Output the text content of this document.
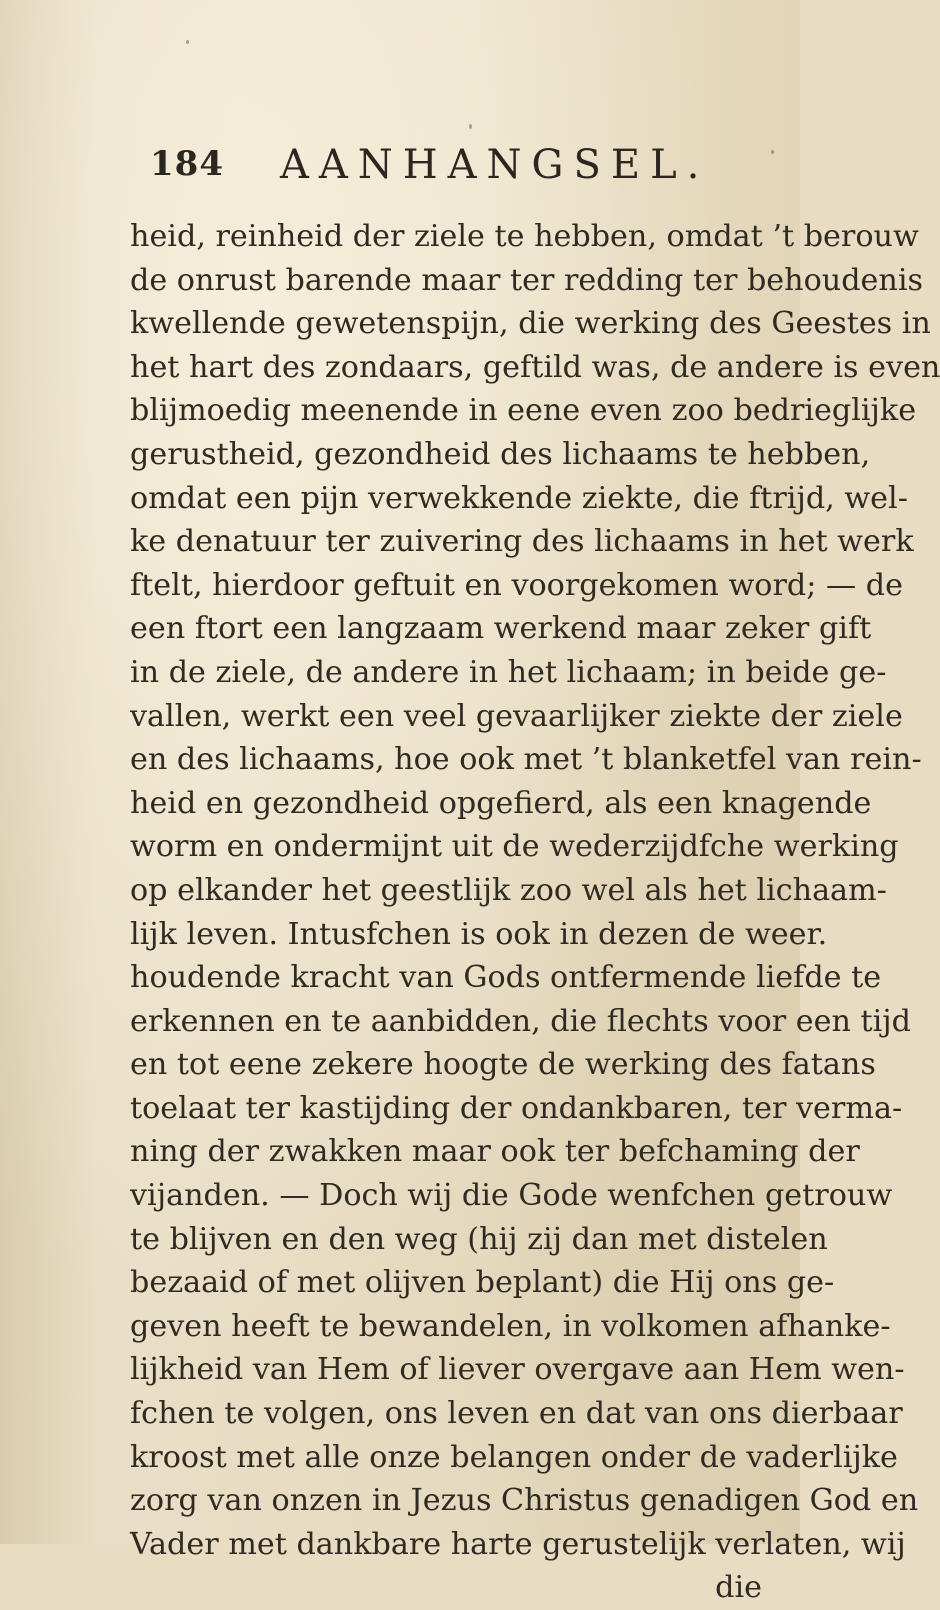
184 AANHANGSEL.
heid, reinheid der ziele te hebben, omdat ’t berouw
de onrust barende maar ter redding ter behoudenis
kwellende gewetenspijn, die werking des Geestes in
het hart des zondaars, geftild was, de andere is even
blijmoedig meenende in eene even zoo bedrieglijke
gerustheid, gezondheid des lichaams te hebben,
omdat een pijn verwekkende ziekte, die ftrijd, wel-
ke denatuur ter zuivering des lichaams in het werk
ftelt, hierdoor geftuit en voorgekomen word; — de
een ftort een langzaam werkend maar zeker gift
in de ziele, de andere in het lichaam; in beide ge-
vallen, werkt een veel gevaarlijker ziekte der ziele
en des lichaams, hoe ook met ’t blanketfel van rein-
heid en gezondheid opgefierd, als een knagende
worm en ondermijnt uit de wederzijdfche werking
op elkander het geestlijk zoo wel als het lichaam-
lijk leven. Intusfchen is ook in dezen de weer.
houdende kracht van Gods ontfermende liefde te
erkennen en te aanbidden, die flechts voor een tijd
en tot eene zekere hoogte de werking des fatans
toelaat ter kastijding der ondankbaren, ter verma-
ning der zwakken maar ook ter befchaming der
vijanden. — Doch wij die Gode wenfchen getrouw
te blijven en den weg (hij zij dan met distelen
bezaaid of met olijven beplant) die Hij ons ge-
geven heeft te bewandelen, in volkomen afhanke-
lijkheid van Hem of liever overgave aan Hem wen-
fchen te volgen, ons leven en dat van ons dierbaar
kroost met alle onze belangen onder de vaderlijke
zorg van onzen in Jezus Christus genadigen God en
Vader met dankbare harte gerustelijk verlaten, wij
die
